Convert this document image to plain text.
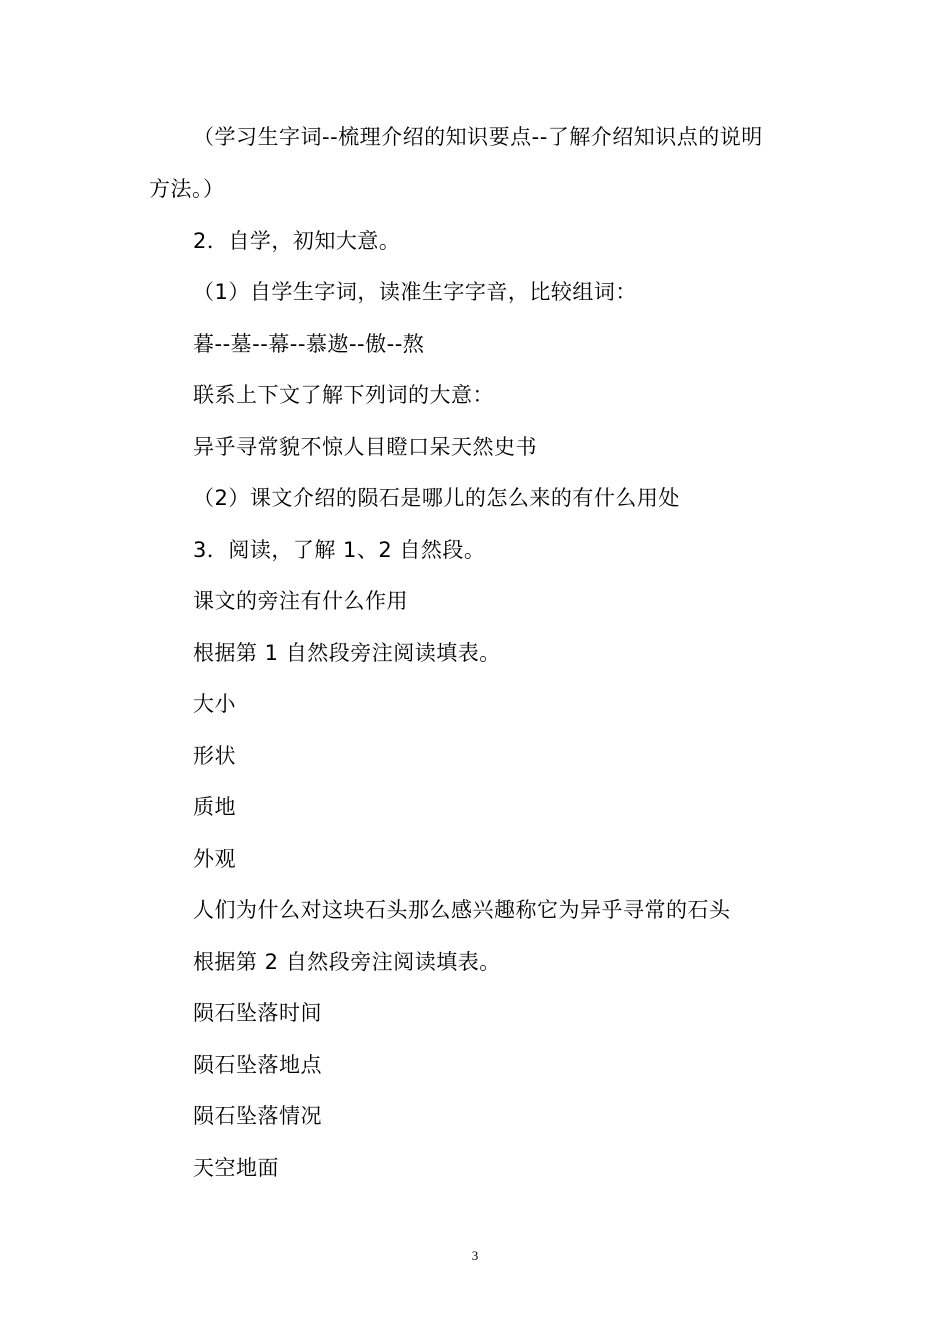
（学习生字词--梳理介绍的知识要点--了解介绍知识点的说明
方法。）
2．自学，初知大意。
（1）自学生字词，读准生字字音，比较组词：
暮--墓--幕--慕遨--傲--熬
联系上下文了解下列词的大意：
异乎寻常貌不惊人目瞪口呆天然史书
（2）课文介绍的陨石是哪儿的怎么来的有什么用处
3．阅读，了解 1、2 自然段。
课文的旁注有什么作用
根据第 1 自然段旁注阅读填表。
大小
形状
质地
外观
人们为什么对这块石头那么感兴趣称它为异乎寻常的石头
根据第 2 自然段旁注阅读填表。
陨石坠落时间
陨石坠落地点
陨石坠落情况
天空地面
3
